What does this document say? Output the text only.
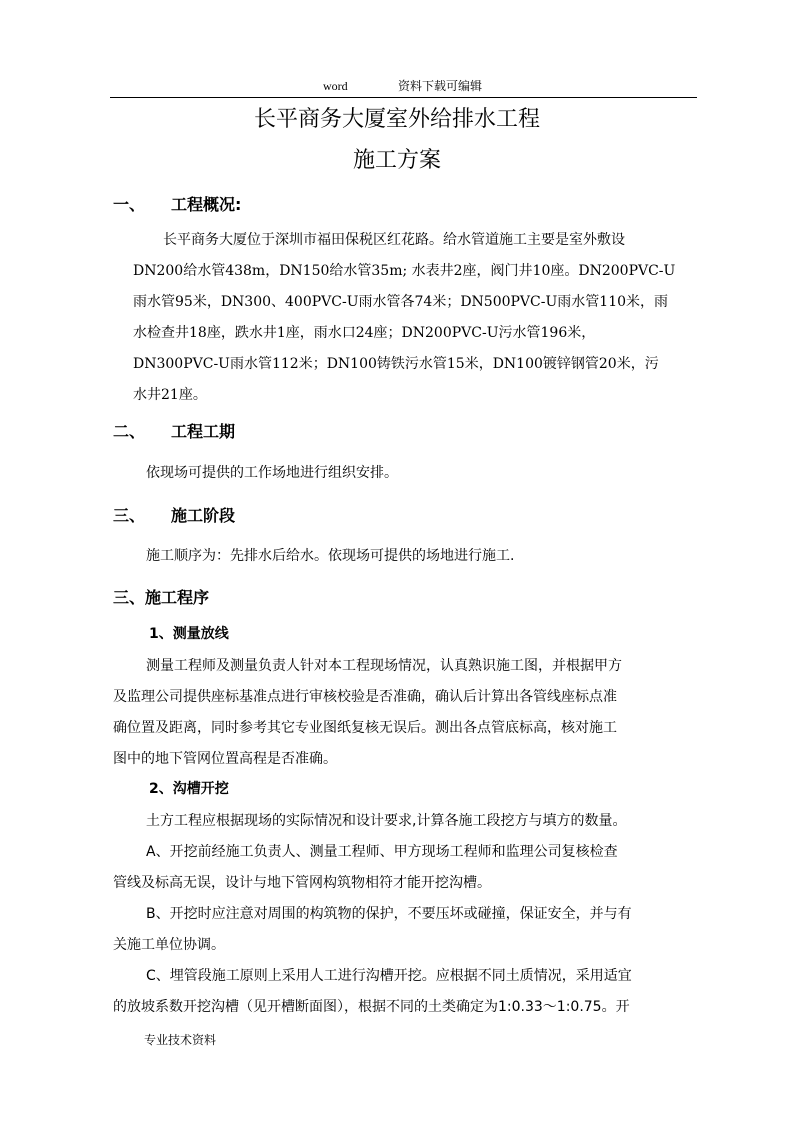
word	资料下载可编辑
长平商务大厦室外给排水工程
施工方案
一、 工程概况:
长平商务大厦位于深圳市福田保税区红花路。给水管道施工主要是室外敷设
DN200给水管438m，DN150给水管35m; 水表井2座，阀门井10座。DN200PVC-U
雨水管95米，DN300、400PVC-U雨水管各74米；DN500PVC-U雨水管110米，雨
水检查井18座，跌水井1座，雨水口24座；DN200PVC-U污水管196米，
DN300PVC-U雨水管112米；DN100铸铁污水管15米，DN100镀锌钢管20米，污
水井21座。
二、 工程工期
依现场可提供的工作场地进行组织安排。
三、 施工阶段
施工顺序为：先排水后给水。依现场可提供的场地进行施工.
三、施工程序
1、测量放线
测量工程师及测量负责人针对本工程现场情况，认真熟识施工图，并根据甲方
及监理公司提供座标基准点进行审核校验是否准确，确认后计算出各管线座标点准
确位置及距离，同时参考其它专业图纸复核无误后。测出各点管底标高，核对施工
图中的地下管网位置高程是否准确。
2、沟槽开挖
土方工程应根据现场的实际情况和设计要求,计算各施工段挖方与填方的数量。
A、开挖前经施工负责人、测量工程师、甲方现场工程师和监理公司复核检查
管线及标高无误，设计与地下管网构筑物相符才能开挖沟槽。
B、开挖时应注意对周围的构筑物的保护，不要压坏或碰撞，保证安全，并与有
关施工单位协调。
C、埋管段施工原则上采用人工进行沟槽开挖。应根据不同土质情况，采用适宜
的放坡系数开挖沟槽（见开槽断面图），根据不同的土类确定为1:0.33～1:0.75。开
专业技术资料
